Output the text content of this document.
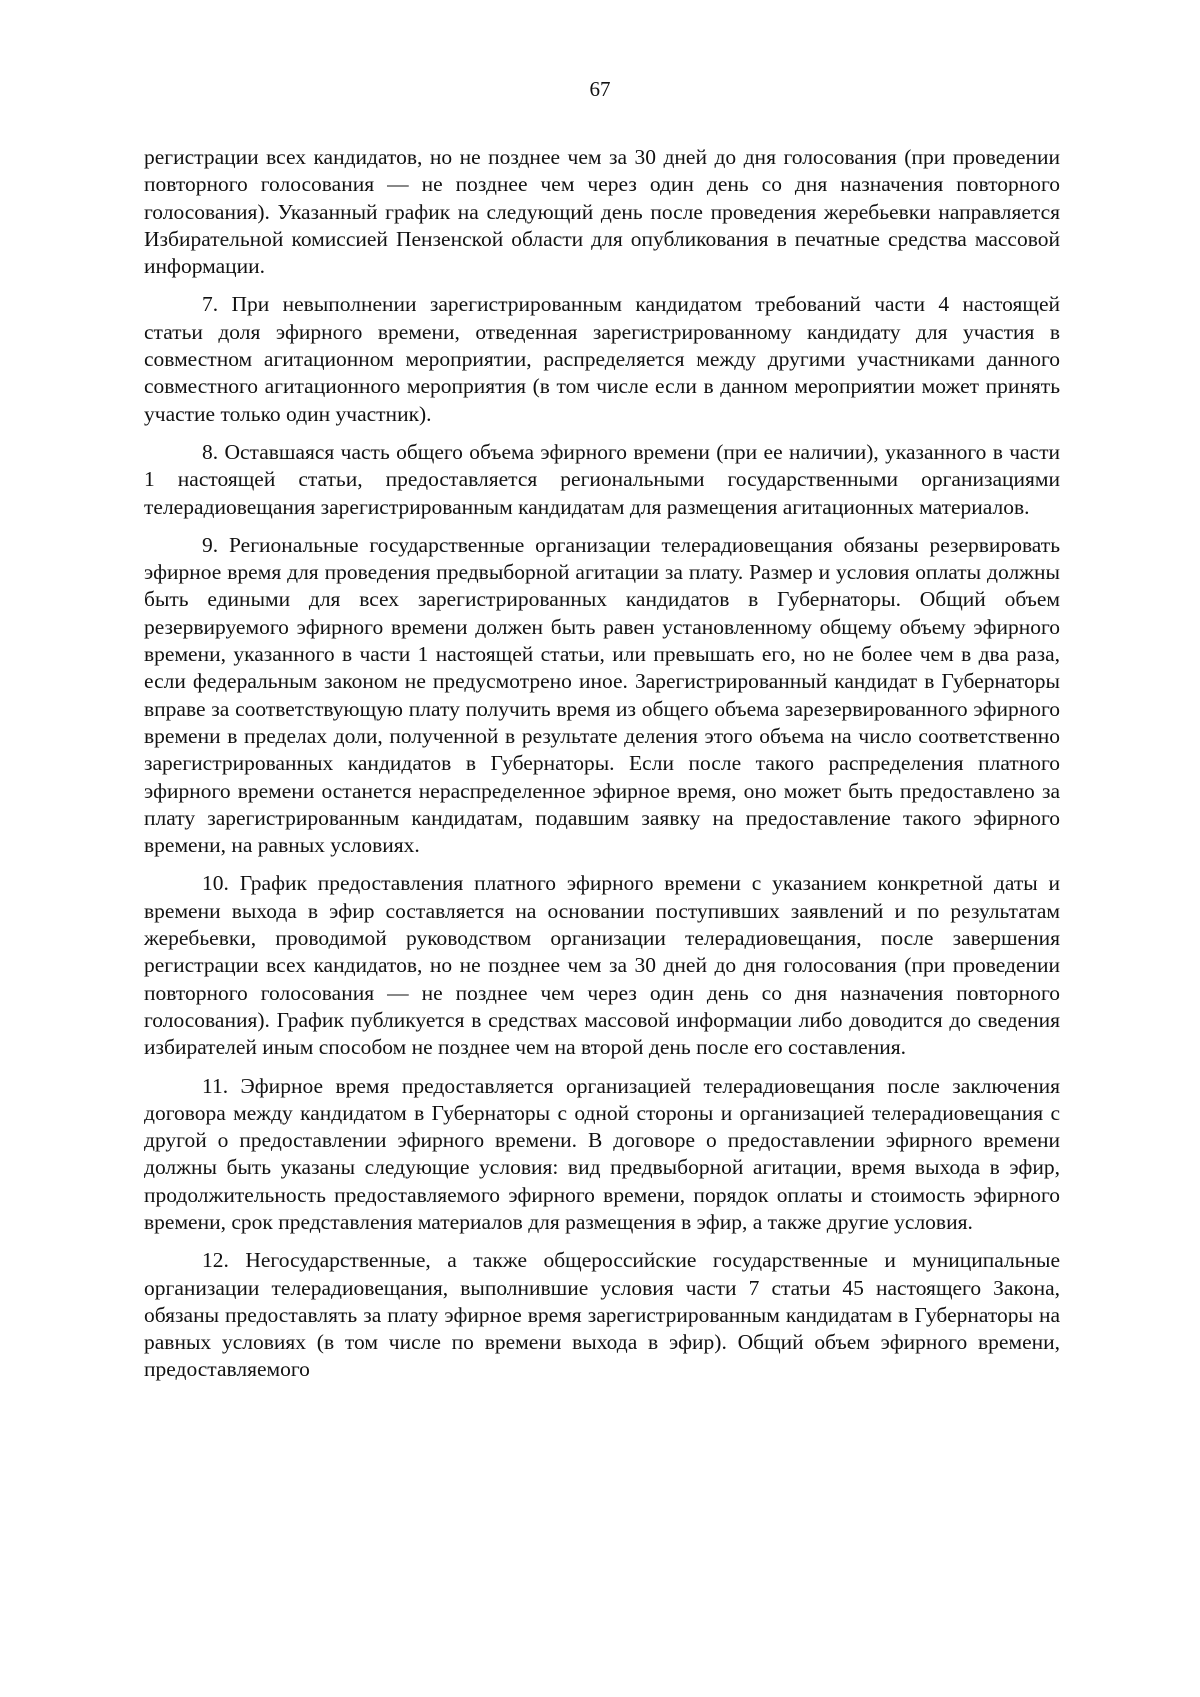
67

регистрации всех кандидатов, но не позднее чем за 30 дней до дня голосования (при проведении повторного голосования — не позднее чем через один день со дня назначения повторного голосования). Указанный график на следующий день после проведения жеребьевки направляется Избирательной комиссией Пензенской области для опубликования в печатные средства массовой информации.

7. При невыполнении зарегистрированным кандидатом требований части 4 настоящей статьи доля эфирного времени, отведенная зарегистрированному кандидату для участия в совместном агитационном мероприятии, распределяется между другими участниками данного совместного агитационного мероприятия (в том числе если в данном мероприятии может принять участие только один участник).

8. Оставшаяся часть общего объема эфирного времени (при ее наличии), указанного в части 1 настоящей статьи, предоставляется региональными государственными организациями телерадиовещания зарегистрированным кандидатам для размещения агитационных материалов.

9. Региональные государственные организации телерадиовещания обязаны резервировать эфирное время для проведения предвыборной агитации за плату. Размер и условия оплаты должны быть едиными для всех зарегистрированных кандидатов в Губернаторы. Общий объем резервируемого эфирного времени должен быть равен установленному общему объему эфирного времени, указанного в части 1 настоящей статьи, или превышать его, но не более чем в два раза, если федеральным законом не предусмотрено иное. Зарегистрированный кандидат в Губернаторы вправе за соответствующую плату получить время из общего объема зарезервированного эфирного времени в пределах доли, полученной в результате деления этого объема на число соответственно зарегистрированных кандидатов в Губернаторы. Если после такого распределения платного эфирного времени останется нераспределенное эфирное время, оно может быть предоставлено за плату зарегистрированным кандидатам, подавшим заявку на предоставление такого эфирного времени, на равных условиях.

10. График предоставления платного эфирного времени с указанием конкретной даты и времени выхода в эфир составляется на основании поступивших заявлений и по результатам жеребьевки, проводимой руководством организации телерадиовещания, после завершения регистрации всех кандидатов, но не позднее чем за 30 дней до дня голосования (при проведении повторного голосования — не позднее чем через один день со дня назначения повторного голосования). График публикуется в средствах массовой информации либо доводится до сведения избирателей иным способом не позднее чем на второй день после его составления.

11. Эфирное время предоставляется организацией телерадиовещания после заключения договора между кандидатом в Губернаторы с одной стороны и организацией телерадиовещания с другой о предоставлении эфирного времени. В договоре о предоставлении эфирного времени должны быть указаны следующие условия: вид предвыборной агитации, время выхода в эфир, продолжительность предоставляемого эфирного времени, порядок оплаты и стоимость эфирного времени, срок представления материалов для размещения в эфир, а также другие условия.

12. Негосударственные, а также общероссийские государственные и муниципальные организации телерадиовещания, выполнившие условия части 7 статьи 45 настоящего Закона, обязаны предоставлять за плату эфирное время зарегистрированным кандидатам в Губернаторы на равных условиях (в том числе по времени выхода в эфир). Общий объем эфирного времени, предоставляемого
